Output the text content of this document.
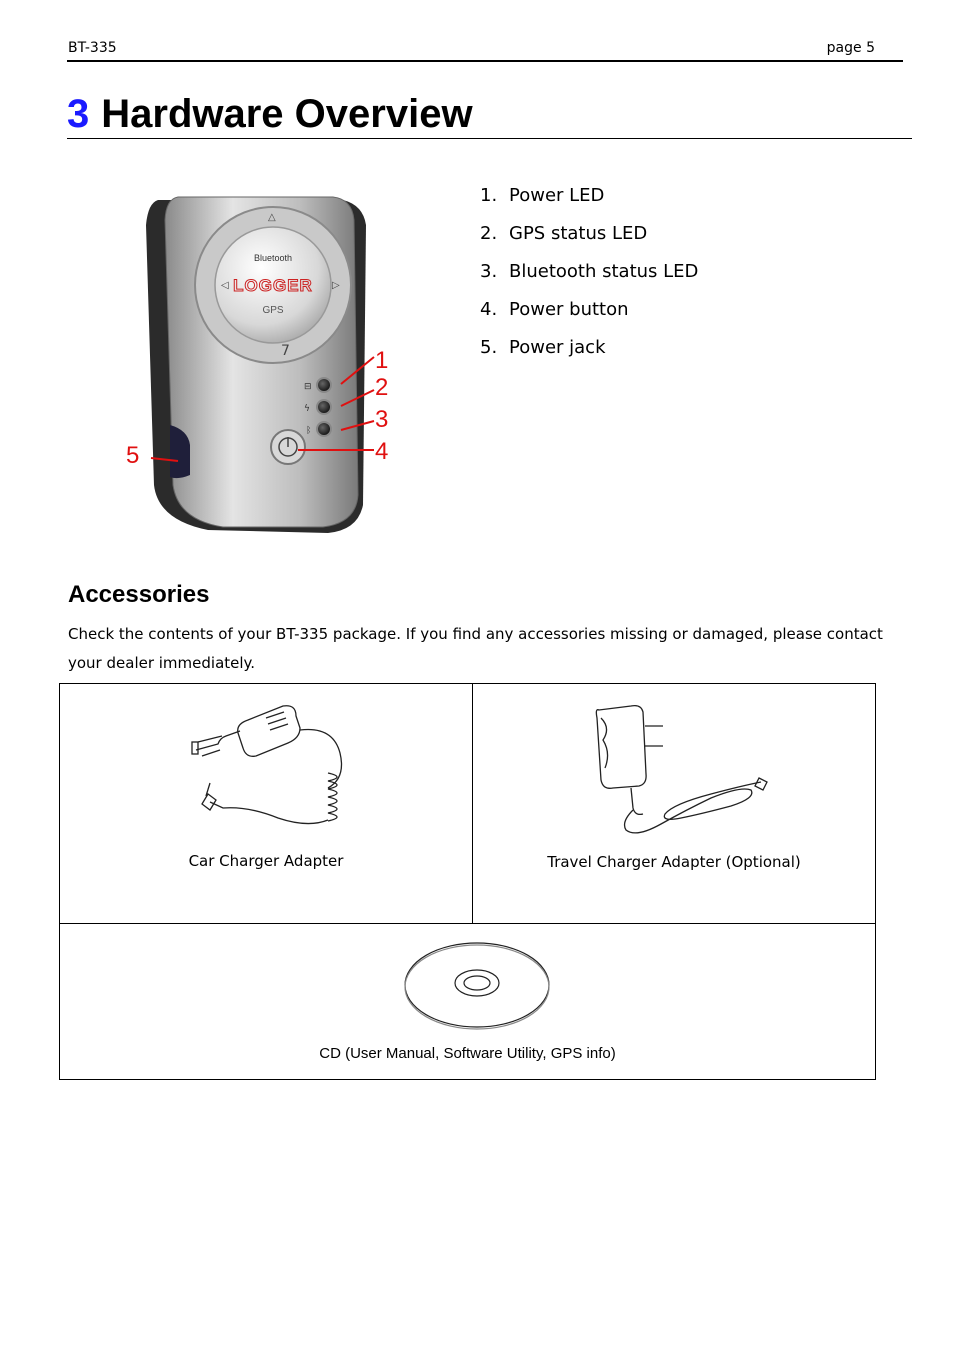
BT-335	page 5
3 Hardware Overview
◁	▷
△
7
Bluetooth
LOGGER
GPS
⊟
ϟ
ᛒ
1
2
3
4
5
1. Power LED
2. GPS status LED
3. Bluetooth status LED
4. Power button
5. Power jack
Accessories
Check the contents of your BT-335 package. If you find any accessories missing or damaged, please contact your dealer immediately.
Car Charger Adapter	Travel Charger Adapter (Optional)
CD (User Manual, Software Utility, GPS info)
